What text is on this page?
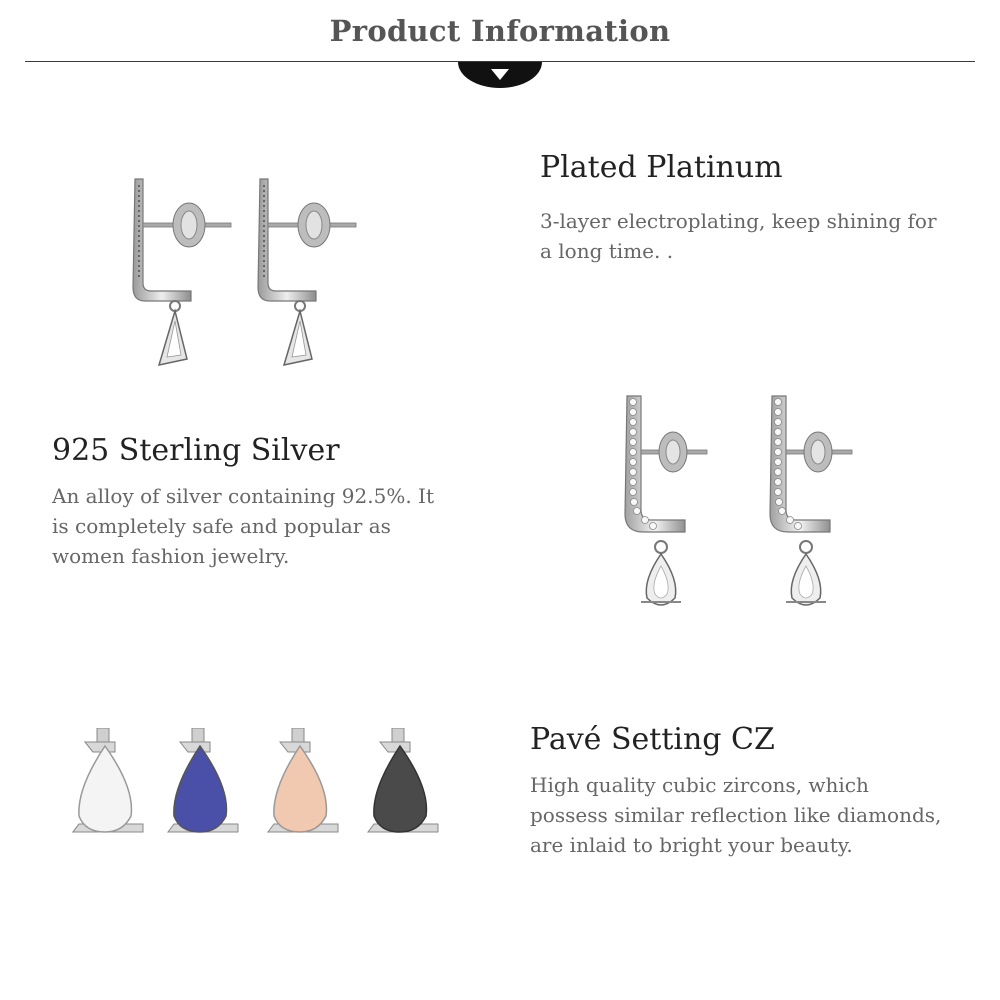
Product Information
Plated Platinum
3-layer electroplating, keep shining for a long time. .
925 Sterling Silver
An alloy of silver containing 92.5%. It is completely safe and popular as women fashion jewelry.
Pavé Setting CZ
High quality cubic zircons, which possess similar reflection like diamonds, are inlaid to bright your beauty.
